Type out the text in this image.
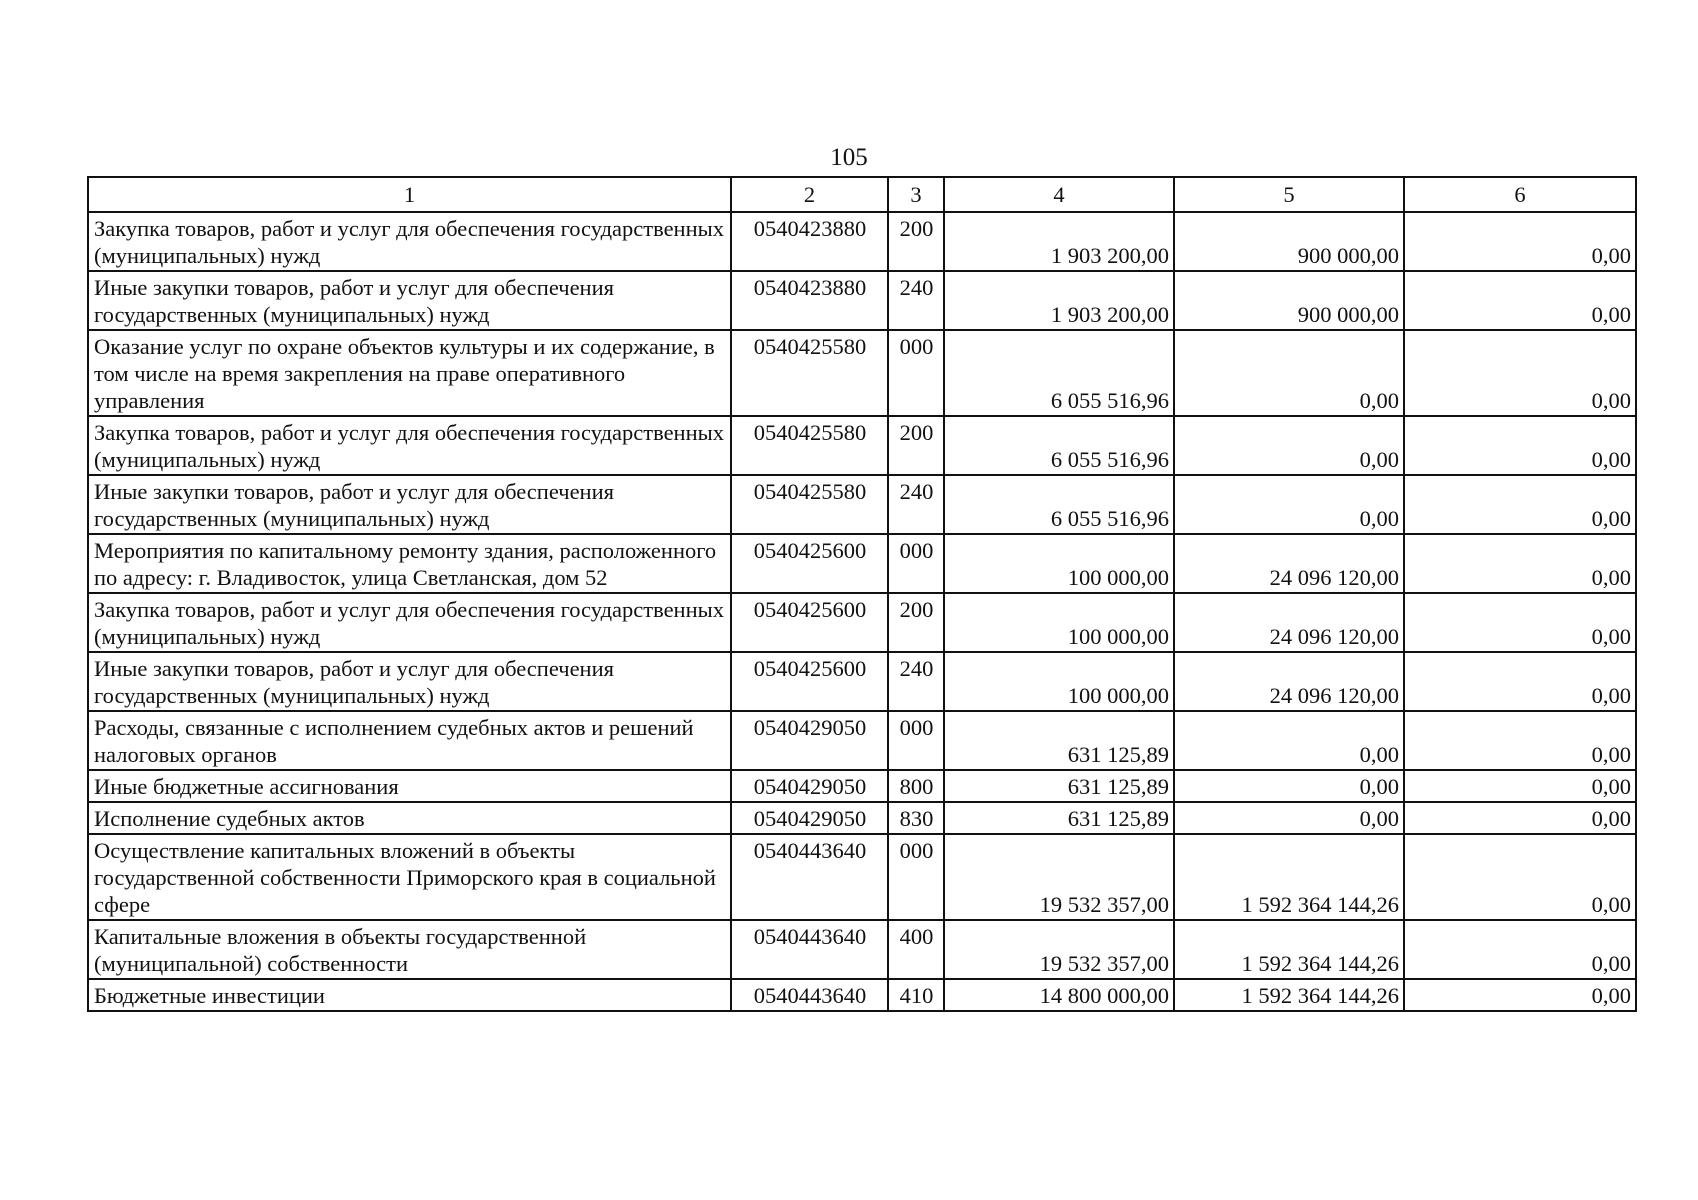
105
1	2	3	4	5	6
Закупка товаров, работ и услуг для обеспечения государственных (муниципальных) нужд	0540423880	200	1 903 200,00	900 000,00	0,00
Иные закупки товаров, работ и услуг для обеспечения государственных (муниципальных) нужд	0540423880	240	1 903 200,00	900 000,00	0,00
Оказание услуг по охране объектов культуры и их содержание, в том числе на время закрепления на праве оперативного управления	0540425580	000	6 055 516,96	0,00	0,00
Закупка товаров, работ и услуг для обеспечения государственных (муниципальных) нужд	0540425580	200	6 055 516,96	0,00	0,00
Иные закупки товаров, работ и услуг для обеспечения государственных (муниципальных) нужд	0540425580	240	6 055 516,96	0,00	0,00
Мероприятия по капитальному ремонту здания, расположенного по адресу: г. Владивосток, улица Светланская, дом 52	0540425600	000	100 000,00	24 096 120,00	0,00
Закупка товаров, работ и услуг для обеспечения государственных (муниципальных) нужд	0540425600	200	100 000,00	24 096 120,00	0,00
Иные закупки товаров, работ и услуг для обеспечения государственных (муниципальных) нужд	0540425600	240	100 000,00	24 096 120,00	0,00
Расходы, связанные с исполнением судебных актов и решений налоговых органов	0540429050	000	631 125,89	0,00	0,00
Иные бюджетные ассигнования	0540429050	800	631 125,89	0,00	0,00
Исполнение судебных актов	0540429050	830	631 125,89	0,00	0,00
Осуществление капитальных вложений в объекты государственной собственности Приморского края в социальной сфере	0540443640	000	19 532 357,00	1 592 364 144,26	0,00
Капитальные вложения в объекты государственной (муниципальной) собственности	0540443640	400	19 532 357,00	1 592 364 144,26	0,00
Бюджетные инвестиции	0540443640	410	14 800 000,00	1 592 364 144,26	0,00
